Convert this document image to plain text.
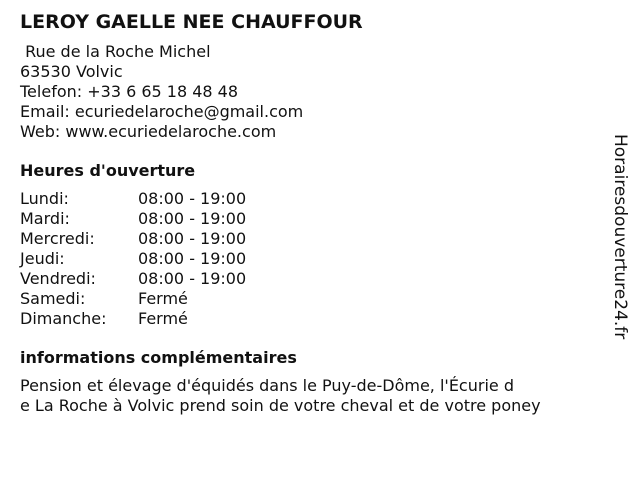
LEROY GAELLE NEE CHAUFFOUR
Rue de la Roche Michel
63530 Volvic
Telefon: +33 6 65 18 48 48
Email: ecuriedelaroche@gmail.com
Web: www.ecuriedelaroche.com
Heures d'ouverture
Lundi:	08:00 - 19:00
Mardi:	08:00 - 19:00
Mercredi:	08:00 - 19:00
Jeudi:	08:00 - 19:00
Vendredi:	08:00 - 19:00
Samedi:	Fermé
Dimanche:	Fermé
informations complémentaires
Pension et élevage d'équidés dans le Puy-de-Dôme, l'Écurie d
e La Roche à Volvic prend soin de votre cheval et de votre poney
Horairesdouverture24.fr
